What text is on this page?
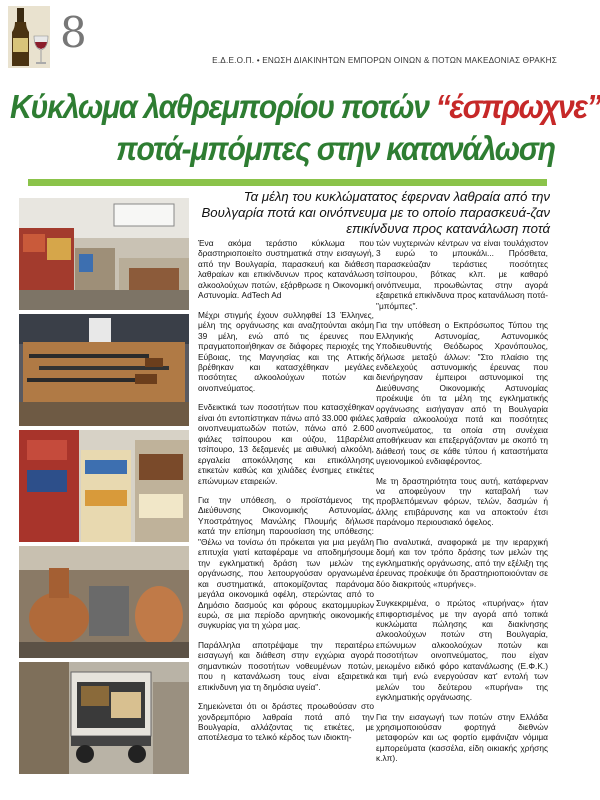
8
Ε.Δ.Ε.Ο.Π. • ΕΝΩΣΗ ΔΙΑΚΙΝΗΤΩΝ ΕΜΠΟΡΩΝ ΟΙΝΩΝ & ΠΟΤΩΝ ΜΑΚΕΔΟΝΙΑΣ ΘΡΑΚΗΣ
Κύκλωμα λαθρεμπορίου ποτών “έσπρωχνε”
ποτά-μπόμπες στην κατανάλωση
Τα μέλη του κυκλώματατος έφερναν λαθραία από την Βουλγαρία ποτά και οινόπνευμα με το οποίο παρασκευά-ζαν επικίνδυνα προς κατανάλωση ποτά

Ένα ακόμα τεράστιο κύκλωμα που δραστηριοποιείτο συστηματικά στην εισαγωγή, από την Βουλγαρία, παρασκευή και διάθεση λαθραίων και επικίνδυνων προς κατανάλωση αλκοολούχων ποτών, εξάρθρωσε η Οικονομική Αστυνομία. AdTech Ad

Μέχρι στιγμής έχουν συλληφθεί 13 Έλληνες, μέλη της οργάνωσης και αναζητούνται ακόμη 39 μέλη, ενώ από τις έρευνες που πραγματοποιήθηκαν σε διάφορες περιοχές της Εύβοιας, της Μαγνησίας και της Αττικής βρέθηκαν και κατασχέθηκαν μεγάλες ποσότητες αλκοολούχων ποτών και οινοπνεύματος.

Ενδεικτικά των ποσοτήτων που κατασχέθηκαν είναι ότι εντοπίστηκαν πάνω από 33.000 φιάλες οινοπνευματωδών ποτών, πάνω από 2.600 φιάλες τσίπουρου και ούζου, 11βαρέλια τσίπουρο, 13 δεξαμενές με αιθυλική αλκοόλη, εργαλεία αποκόλλησης και επικόλλησης ετικετών καθώς και χιλιάδες ένσημες ετικέτες επώνυμων εταιρειών.

Για την υπόθεση, ο προϊστάμενος της Διεύθυνσης Οικονομικής Αστυνομίας, Υποστράτηγος Μανώλης Πλουμής δήλωσε κατά την επίσημη παρουσίαση της υπόθεσης: "Θέλω να τονίσω ότι πρόκειται για μια μεγάλη επιτυχία γιατί καταφέραμε να αποδημήσουμε την εγκληματική δράση των μελών της οργάνωσης, που λειτουργούσαν οργανωμένα και συστηματικά, αποκομίζοντας παράνομα μεγάλα οικονομικά οφέλη, στερώντας από το Δημόσιο δασμούς και φόρους εκατομμυρίων ευρώ, σε μια περίοδο αρνητικής οικονομικής συγκυρίας για τη χώρα μας.

Παράλληλα αποτρέψαμε την περαιτέρω εισαγωγή και διάθεση στην εγχώρια αγορά σημαντικών ποσοτήτων νοθευμένων ποτών, που η κατανάλωση τους είναι εξαιρετικά επικίνδυνη για τη δημόσια υγεία".

Σημειώνεται ότι οι δράστες προωθούσαν στο χονδρεμπόριο λαθραία ποτά από την Βουλγαρία, αλλάζοντας τις ετικέτες, με αποτέλεσμα το τελικό κέρδος των ιδιοκτη-

τών νυχτερινών κέντρων να είναι τουλάχιστον 3 ευρώ το μπουκάλι... Πρόσθετα, παρασκεύαζαν τεράστιες ποσότητες τσίπουρου, βότκας κλπ. με καθαρό οινόπνευμα, προωθώντας στην αγορά εξαιρετικά επικίνδυνα προς κατανάλωση ποτά-"μπόμπες".

Για την υπόθεση ο Εκπρόσωπος Τύπου της Ελληνικής Αστυνομίας, Αστυνομικός Υποδιευθυντής Θεόδωρος Χρονόπουλος, δήλωσε μεταξύ άλλων: "Στο πλαίσιο της ενδελεχούς αστυνομικής έρευνας που διενήργησαν έμπειροι αστυνομικοί της Διεύθυνσης Οικονομικής Αστυνομίας προέκυψε ότι τα μέλη της εγκληματικής οργάνωσης εισήγαγαν από τη Βουλγαρία λαθραία αλκοολούχα ποτά και ποσότητες οινοπνεύματος, τα οποία στη συνέχεια αποθήκευαν και επεξεργάζονταν με σκοπό τη διάθεσή τους σε κάθε τύπου ή καταστήματα υγειονομικού ενδιαφέροντος.

Με τη δραστηριότητα τους αυτή, κατάφερναν να αποφεύγουν την καταβολή των προβλεπόμενων φόρων, τελών, δασμών ή άλλης επιβάρυνσης και να αποκτούν έτσι παράνομο περιουσιακό όφελος.

Πιο αναλυτικά, αναφορικά με την ιεραρχική δομή και τον τρόπο δράσης των μελών της εγκληματικής οργάνωσης, από την εξέλιξη της έρευνας προέκυψε ότι δραστηριοποιούνταν σε δύο διακριτούς «πυρήνες».

Συγκεκριμένα, ο πρώτος «πυρήνας» ήταν επιφορτισμένος με την αγορά από τοπικά κυκλώματα πώλησης και διακίνησης αλκοολούχων ποτών στη Βουλγαρία, επώνυμων αλκοολούχων ποτών και ποσοτήτων οινοπνεύματος, που είχαν μειωμένο ειδικό φόρο κατανάλωσης (Ε.Φ.Κ.) και τιμή ενώ ενεργούσαν κατ' εντολή των μελών του δεύτερου «πυρήνα» της εγκληματικής οργάνωσης.

Για την εισαγωγή των ποτών στην Ελλάδα χρησιμοποιούσαν φορτηγά διεθνών μεταφορών και ως φορτίο εμφάνιζαν νόμιμα εμπορεύματα (κασσέλα, είδη οικιακής χρήσης κ.λπ).
